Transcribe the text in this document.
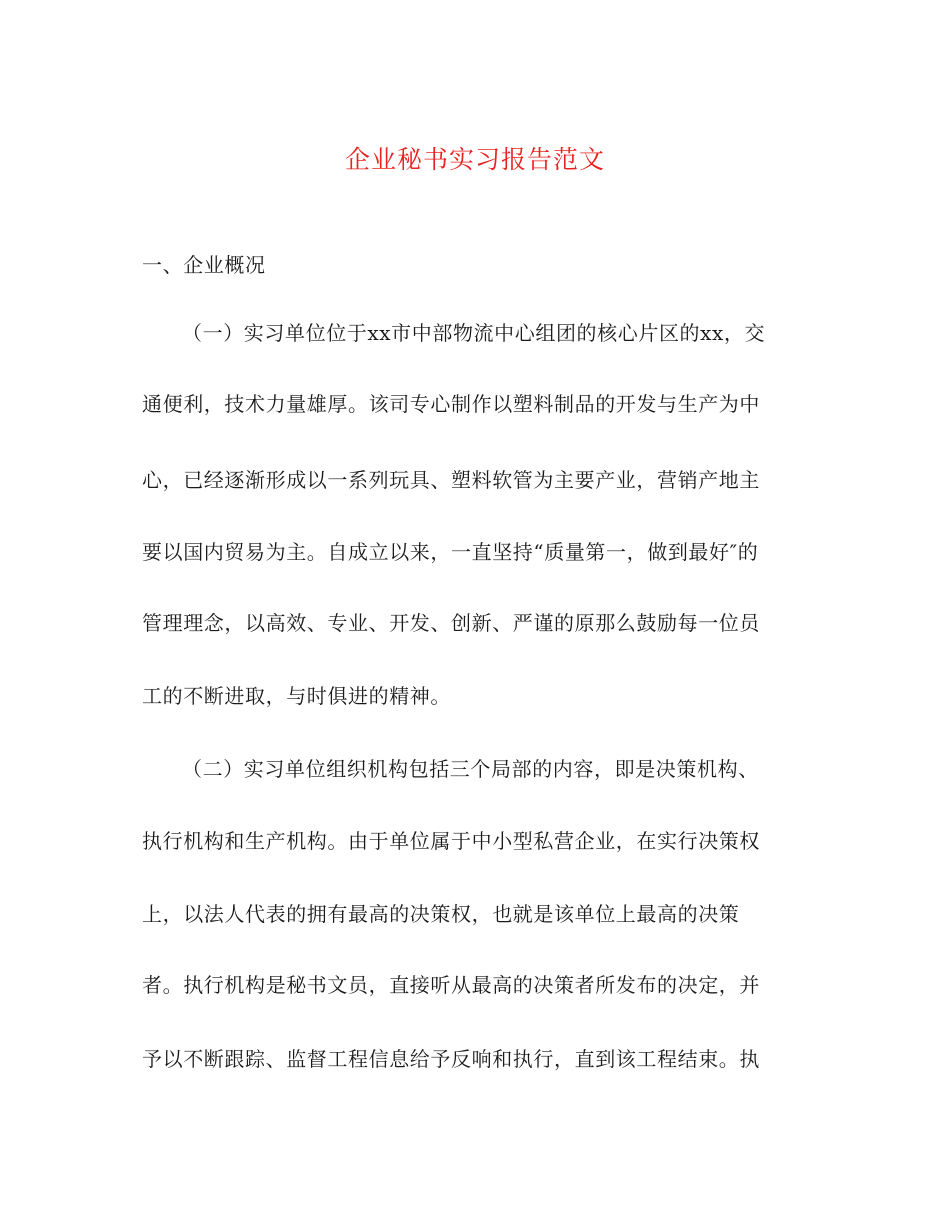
企业秘书实习报告范文
一、企业概况
（一）实习单位位于xx市中部物流中心组团的核心片区的xx，交
通便利，技术力量雄厚。该司专心制作以塑料制品的开发与生产为中
心，已经逐渐形成以一系列玩具、塑料软管为主要产业，营销产地主
要以国内贸易为主。自成立以来，一直坚持“质量第一，做到最好″的
管理理念，以高效、专业、开发、创新、严谨的原那么鼓励每一位员
工的不断进取，与时俱进的精神。
（二）实习单位组织机构包括三个局部的内容，即是决策机构、
执行机构和生产机构。由于单位属于中小型私营企业，在实行决策权
上，以法人代表的拥有最高的决策权，也就是该单位上最高的决策
者。执行机构是秘书文员，直接听从最高的决策者所发布的决定，并
予以不断跟踪、监督工程信息给予反响和执行，直到该工程结束。执
